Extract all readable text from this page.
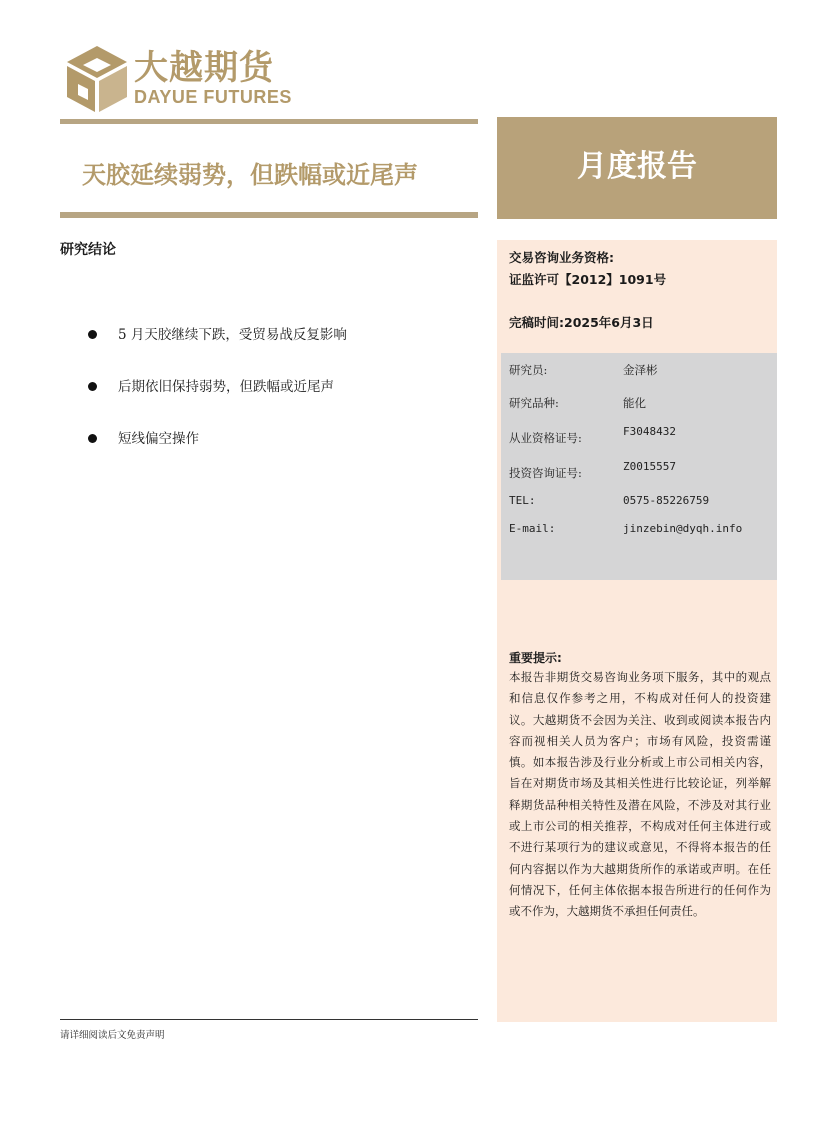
大越期货
DAYUE FUTURES
天胶延续弱势，但跌幅或近尾声	月度报告
研究结论
5 月天胶继续下跌，受贸易战反复影响
后期依旧保持弱势，但跌幅或近尾声
短线偏空操作
请详细阅读后文免责声明
交易咨询业务资格:
证监许可【2012】1091号
完稿时间:2025年6月3日
研究员:	金泽彬
研究品种:	能化
从业资格证号:	F3048432
投资咨询证号:	Z0015557
TEL:	0575-85226759
E-mail:	jinzebin@dyqh.info
重要提示:
本报告非期货交易咨询业务项下服务，其中的观点和信息仅作参考之用，不构成对任何人的投资建议。大越期货不会因为关注、收到或阅读本报告内容而视相关人员为客户；市场有风险，投资需谨慎。如本报告涉及行业分析或上市公司相关内容，旨在对期货市场及其相关性进行比较论证，列举解释期货品种相关特性及潜在风险，不涉及对其行业或上市公司的相关推荐，不构成对任何主体进行或不进行某项行为的建议或意见，不得将本报告的任何内容据以作为大越期货所作的承诺或声明。在任何情况下，任何主体依据本报告所进行的任何作为或不作为，大越期货不承担任何责任。
